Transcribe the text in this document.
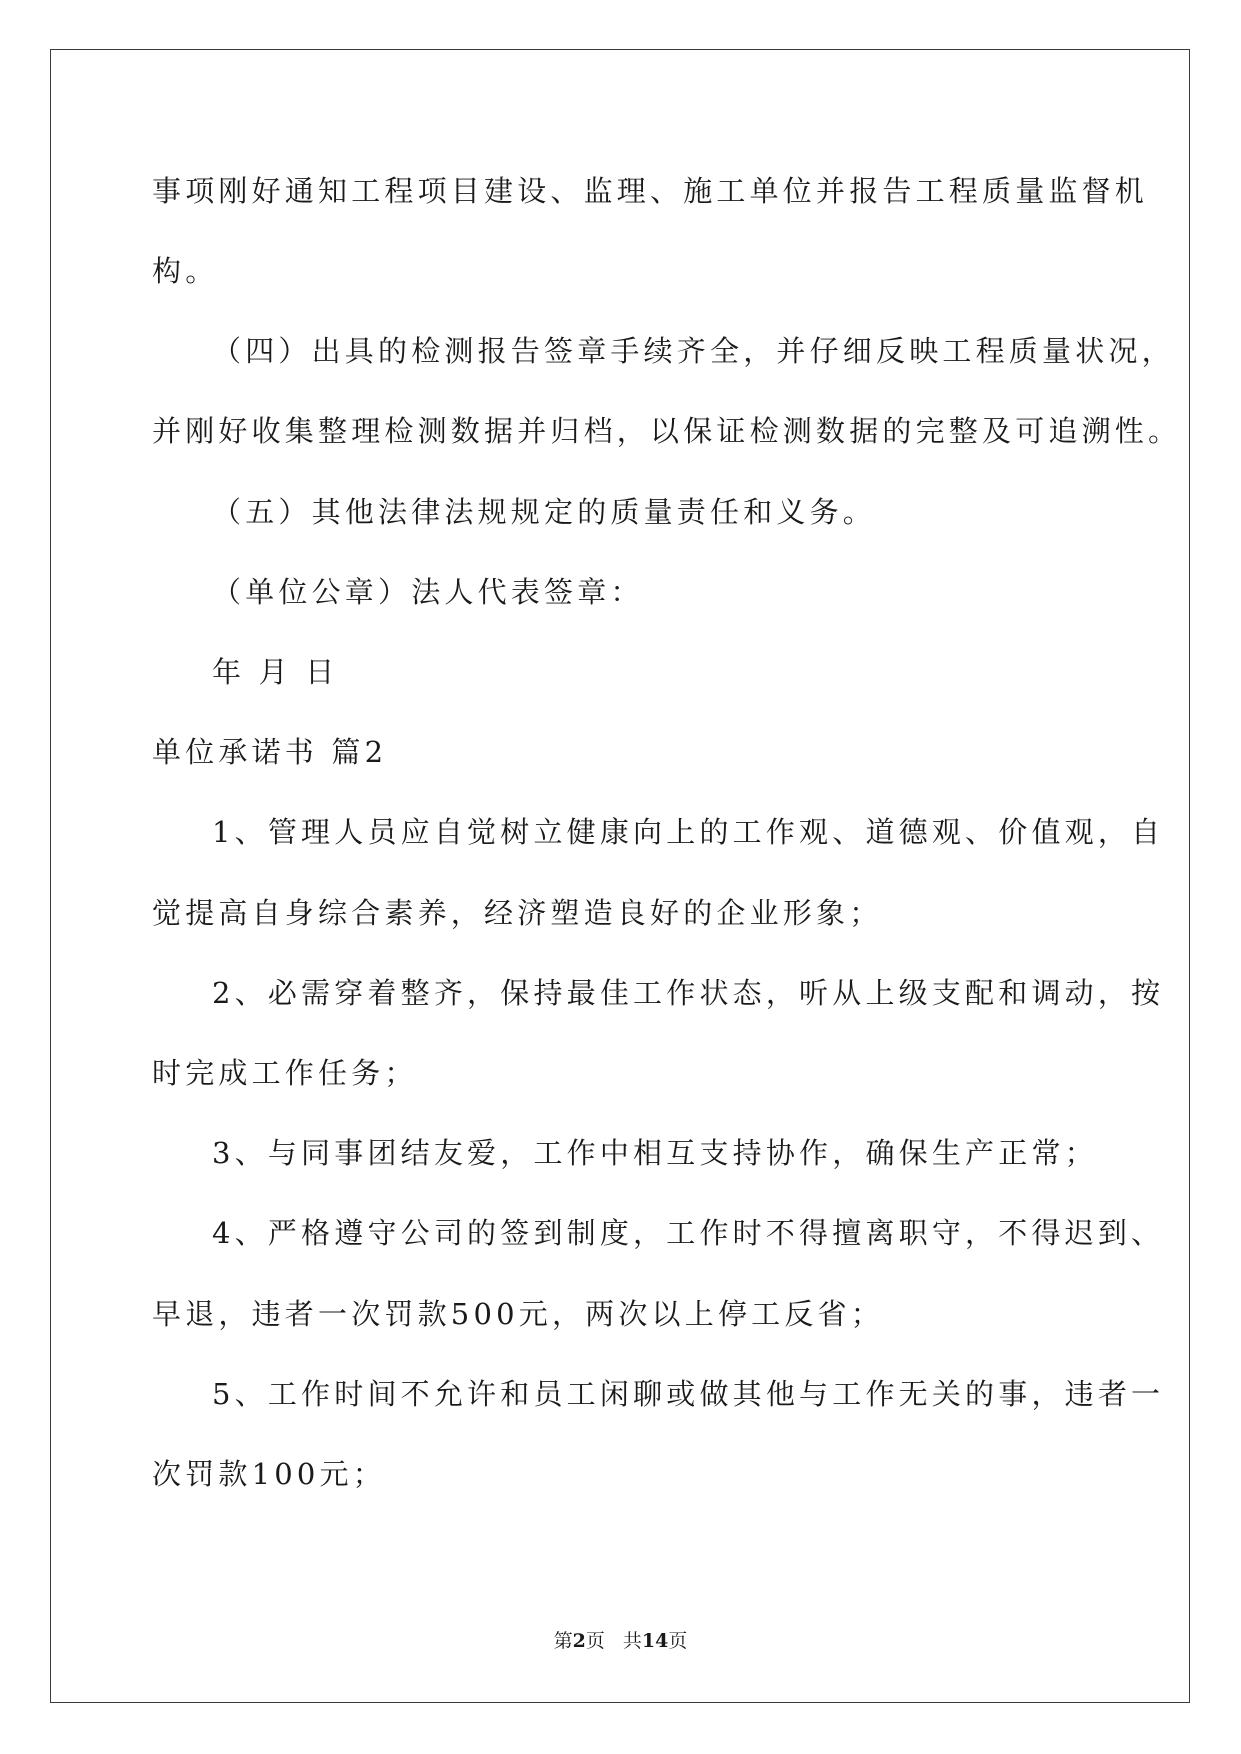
事项刚好通知工程项目建设、监理、施工单位并报告工程质量监督机
构。
（四）出具的检测报告签章手续齐全，并仔细反映工程质量状况，
并刚好收集整理检测数据并归档，以保证检测数据的完整及可追溯性。
（五）其他法律法规规定的质量责任和义务。
（单位公章）法人代表签章：
年 月 日
单位承诺书 篇2
1、管理人员应自觉树立健康向上的工作观、道德观、价值观，自
觉提高自身综合素养，经济塑造良好的企业形象；
2、必需穿着整齐，保持最佳工作状态，听从上级支配和调动，按
时完成工作任务；
3、与同事团结友爱，工作中相互支持协作，确保生产正常；
4、严格遵守公司的签到制度，工作时不得擅离职守，不得迟到、
早退，违者一次罚款500元，两次以上停工反省；
5、工作时间不允许和员工闲聊或做其他与工作无关的事，违者一
次罚款100元；
第2页 共14页
